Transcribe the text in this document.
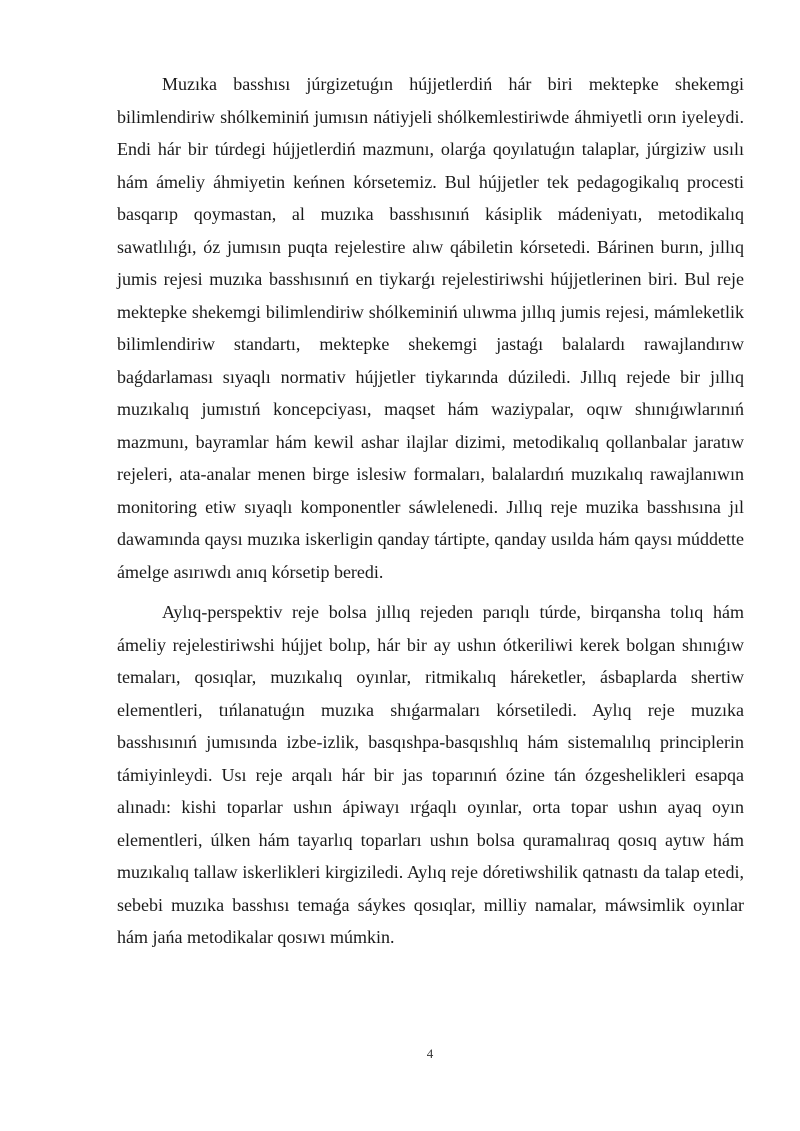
Muzıka basshısı júrgizetuǵın hújjetlerdiń hár biri mektepke shekemgi bilimlendiriw shólkeminiń jumısın nátiyjeli shólkemlestiriwde áhmiyetli orın iyeleydi. Endi hár bir túrdegi hújjetlerdiń mazmunı, olarǵa qoyılatuǵın talaplar, júrgiziw usılı hám ámeliy áhmiyetin keńnen kórsetemiz. Bul hújjetler tek pedagogikalıq procesti basqarıp qoymastan, al muzıka basshısınıń kásiplik mádeniyatı, metodikalıq sawatlılıǵı, óz jumısın puqta rejelestire alıw qábiletin kórsetedi. Bárinen burın, jıllıq jumis rejesi muzıka basshısınıń en tiykarǵı rejelestiriwshi hújjetlerinen biri. Bul reje mektepke shekemgi bilimlendiriw shólkeminiń ulıwma jıllıq jumis rejesi, mámleketlik bilimlendiriw standartı, mektepke shekemgi jastaǵı balalardı rawajlandırıw baǵdarlaması sıyaqlı normativ hújjetler tiykarında dúziledi. Jıllıq rejede bir jıllıq muzıkalıq jumıstıń koncepciyası, maqset hám waziypalar, oqıw shınıǵıwlarınıń mazmunı, bayramlar hám kewil ashar ilajlar dizimi, metodikalıq qollanbalar jaratıw rejeleri, ata-analar menen birge islesiw formaları, balalardıń muzıkalıq rawajlanıwın monitoring etiw sıyaqlı komponentler sáwlelenedi. Jıllıq reje muzika basshısına jıl dawamında qaysı muzıka iskerligin qanday tártipte, qanday usılda hám qaysı múddette ámelge asırıwdı anıq kórsetip beredi.

Aylıq-perspektiv reje bolsa jıllıq rejeden parıqlı túrde, birqansha tolıq hám ámeliy rejelestiriwshi hújjet bolıp, hár bir ay ushın ótkeriliwi kerek bolgan shınıǵıw temaları, qosıqlar, muzıkalıq oyınlar, ritmikalıq háreketler, ásbaplarda shertiw elementleri, tıńlanatuǵın muzıka shıǵarmaları kórsetiledi. Aylıq reje muzıka basshısınıń jumısında izbe-izlik, basqıshpa-basqıshlıq hám sistemalılıq principlerin támiyinleydi. Usı reje arqalı hár bir jas toparınıń ózine tán ózgeshelikleri esapqa alınadı: kishi toparlar ushın ápiwayı ırǵaqlı oyınlar, orta topar ushın ayaq oyın elementleri, úlken hám tayarlıq toparları ushın bolsa quramalıraq qosıq aytıw hám muzıkalıq tallaw iskerlikleri kirgiziledi. Aylıq reje dóretiwshilik qatnastı da talap etedi, sebebi muzıka basshısı temaǵa sáykes qosıqlar, milliy namalar, máwsimlik oyınlar hám jańa metodikalar qosıwı múmkin.

4
